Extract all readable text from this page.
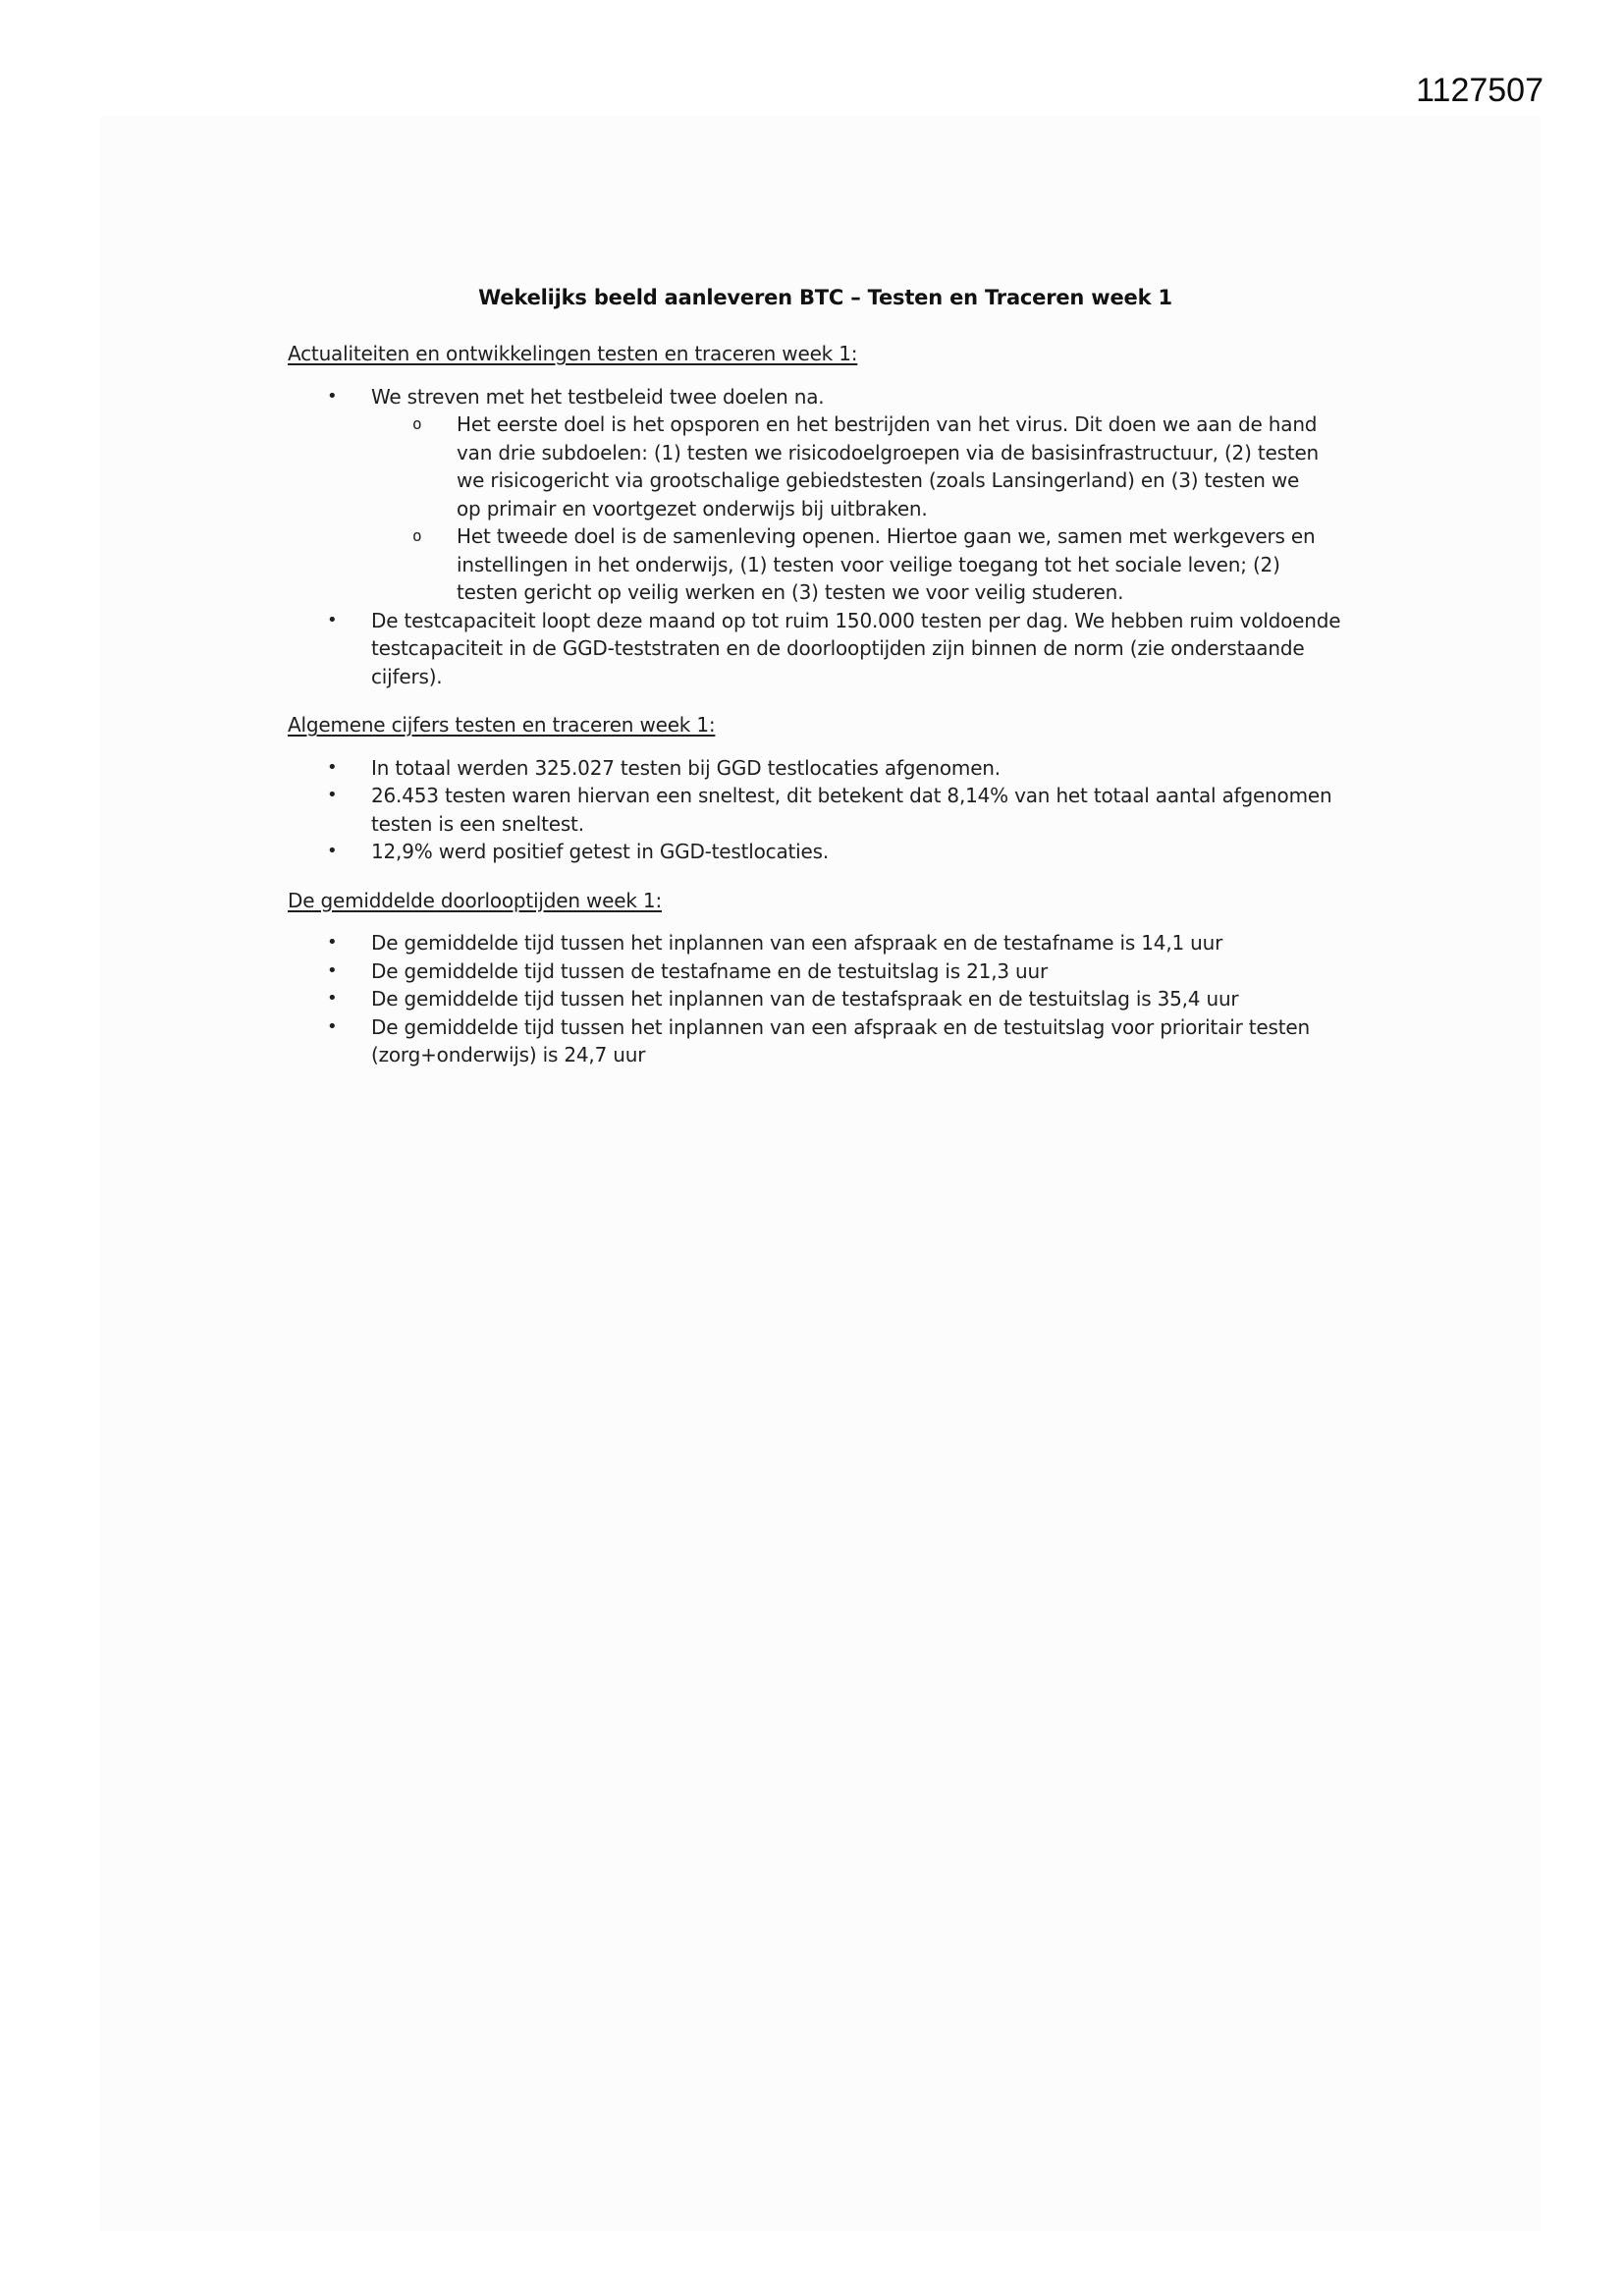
1127507
Wekelijks beeld aanleveren BTC – Testen en Traceren week 1
Actualiteiten en ontwikkelingen testen en traceren week 1:
•	We streven met het testbeleid twee doelen na.
o	Het eerste doel is het opsporen en het bestrijden van het virus. Dit doen we aan de hand van drie subdoelen: (1) testen we risicodoelgroepen via de basisinfrastructuur, (2) testen we risicogericht via grootschalige gebiedstesten (zoals Lansingerland) en (3) testen we op primair en voortgezet onderwijs bij uitbraken.
o	Het tweede doel is de samenleving openen. Hiertoe gaan we, samen met werkgevers en instellingen in het onderwijs, (1) testen voor veilige toegang tot het sociale leven; (2) testen gericht op veilig werken en (3) testen we voor veilig studeren.
•	De testcapaciteit loopt deze maand op tot ruim 150.000 testen per dag. We hebben ruim voldoende testcapaciteit in de GGD-teststraten en de doorlooptijden zijn binnen de norm (zie onderstaande cijfers).
Algemene cijfers testen en traceren week 1:
•	In totaal werden 325.027 testen bij GGD testlocaties afgenomen.
•	26.453 testen waren hiervan een sneltest, dit betekent dat 8,14% van het totaal aantal afgenomen testen is een sneltest.
•	12,9% werd positief getest in GGD-testlocaties.
De gemiddelde doorlooptijden week 1:
•	De gemiddelde tijd tussen het inplannen van een afspraak en de testafname is 14,1 uur
•	De gemiddelde tijd tussen de testafname en de testuitslag is 21,3 uur
•	De gemiddelde tijd tussen het inplannen van de testafspraak en de testuitslag is 35,4 uur
•	De gemiddelde tijd tussen het inplannen van een afspraak en de testuitslag voor prioritair testen (zorg+onderwijs) is 24,7 uur
